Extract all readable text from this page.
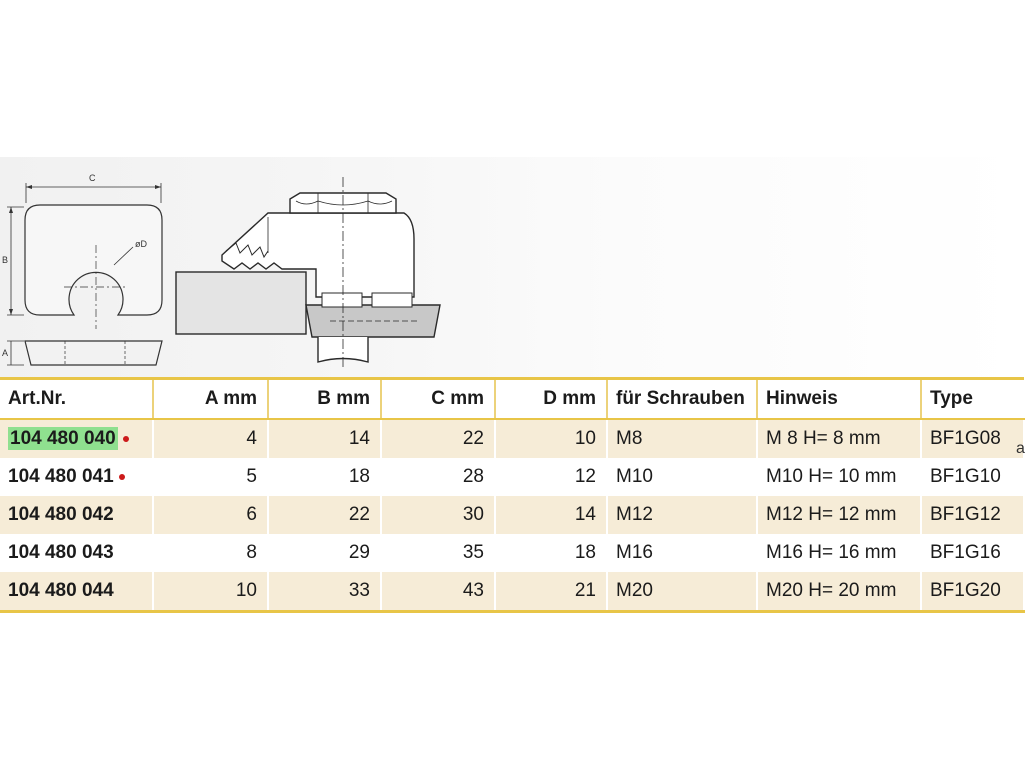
C
B
øD
A
Art.Nr.	A mm	B mm	C mm	D mm	für Schrauben	Hinweis	Type
104 480 040	4	14	22	10	M8	M 8 H= 8 mm	BF1G08
104 480 041	5	18	28	12	M10	M10 H= 10 mm	BF1G10
104 480 042	6	22	30	14	M12	M12 H= 12 mm	BF1G12
104 480 043	8	29	35	18	M16	M16 H= 16 mm	BF1G16
104 480 044	10	33	43	21	M20	M20 H= 20 mm	BF1G20
a
